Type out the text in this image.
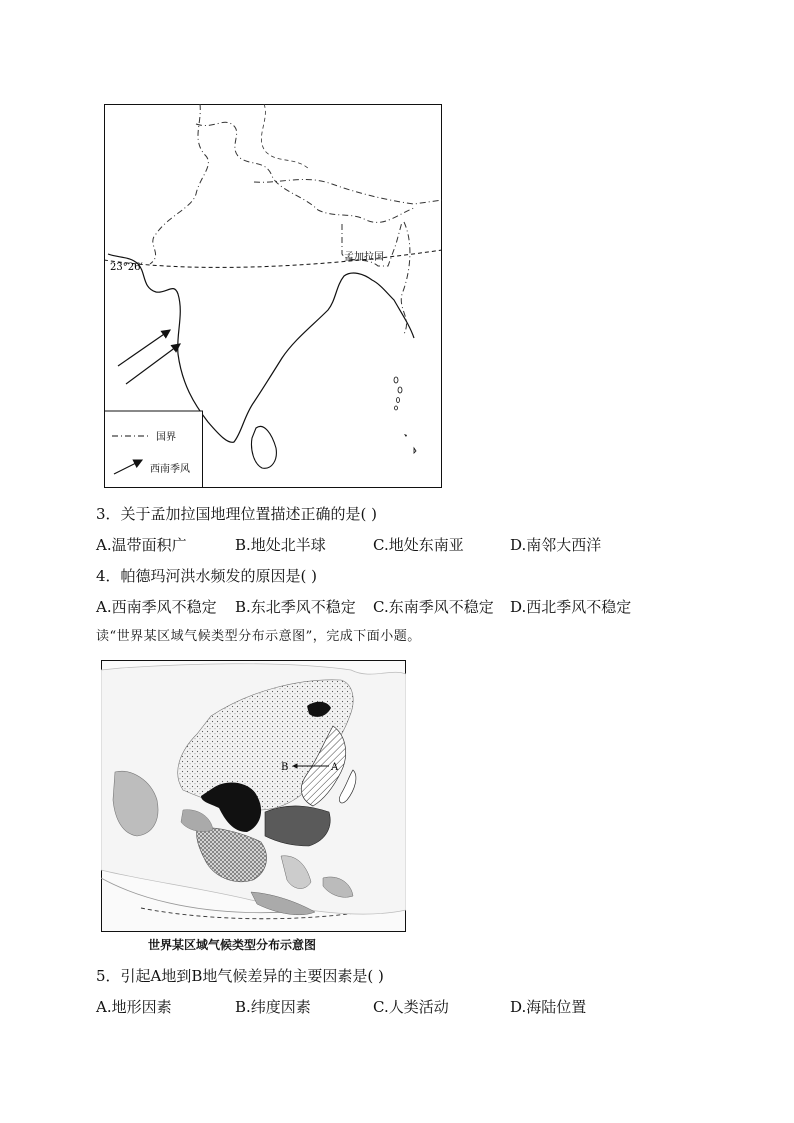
23°26′
孟加拉国
国界
西南季风
3．关于孟加拉国地理位置描述正确的是( )
A.温带面积广	B.地处北半球	C.地处东南亚	D.南邻大西洋
4．帕德玛河洪水频发的原因是( )
A.西南季风不稳定 B.东北季风不稳定 C.东南季风不稳定 D.西北季风不稳定
读“世界某区域气候类型分布示意图”，完成下面小题。
A
B
世界某区域气候类型分布示意图
5．引起A地到B地气候差异的主要因素是( )
A.地形因素	B.纬度因素	C.人类活动	D.海陆位置
